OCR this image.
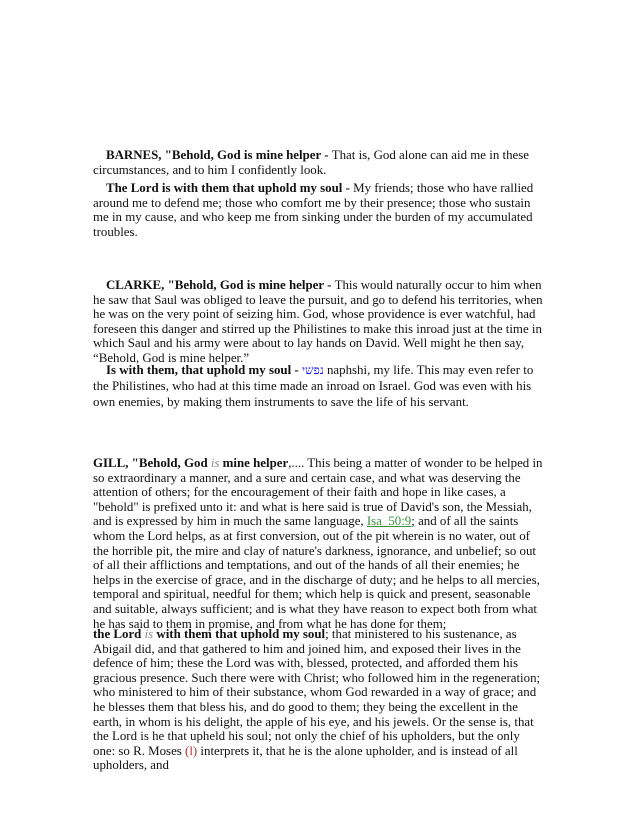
BARNES, "Behold, God is mine helper - That is, God alone can aid me in these circumstances, and to him I confidently look.

The Lord is with them that uphold my soul - My friends; those who have rallied around me to defend me; those who comfort me by their presence; those who sustain me in my cause, and who keep me from sinking under the burden of my accumulated troubles.

CLARKE, "Behold, God is mine helper - This would naturally occur to him when he saw that Saul was obliged to leave the pursuit, and go to defend his territories, when he was on the very point of seizing him. God, whose providence is ever watchful, had foreseen this danger and stirred up the Philistines to make this inroad just at the time in which Saul and his army were about to lay hands on David. Well might he then say, “Behold, God is mine helper.”

Is with them, that uphold my soul - נפשי naphshi, my life. This may even refer to the Philistines, who had at this time made an inroad on Israel. God was even with his own enemies, by making them instruments to save the life of his servant.

GILL, "Behold, God is mine helper,.... This being a matter of wonder to be helped in so extraordinary a manner, and a sure and certain case, and what was deserving the attention of others; for the encouragement of their faith and hope in like cases, a "behold" is prefixed unto it: and what is here said is true of David's son, the Messiah, and is expressed by him in much the same language, Isa_50:9; and of all the saints whom the Lord helps, as at first conversion, out of the pit wherein is no water, out of the horrible pit, the mire and clay of nature's darkness, ignorance, and unbelief; so out of all their afflictions and temptations, and out of the hands of all their enemies; he helps in the exercise of grace, and in the discharge of duty; and he helps to all mercies, temporal and spiritual, needful for them; which help is quick and present, seasonable and suitable, always sufficient; and is what they have reason to expect both from what he has said to them in promise, and from what he has done for them;

the Lord is with them that uphold my soul; that ministered to his sustenance, as Abigail did, and that gathered to him and joined him, and exposed their lives in the defence of him; these the Lord was with, blessed, protected, and afforded them his gracious presence. Such there were with Christ; who followed him in the regeneration; who ministered to him of their substance, whom God rewarded in a way of grace; and he blesses them that bless his, and do good to them; they being the excellent in the earth, in whom is his delight, the apple of his eye, and his jewels. Or the sense is, that the Lord is he that upheld his soul; not only the chief of his upholders, but the only one: so R. Moses (l) interprets it, that he is the alone upholder, and is instead of all upholders, and
